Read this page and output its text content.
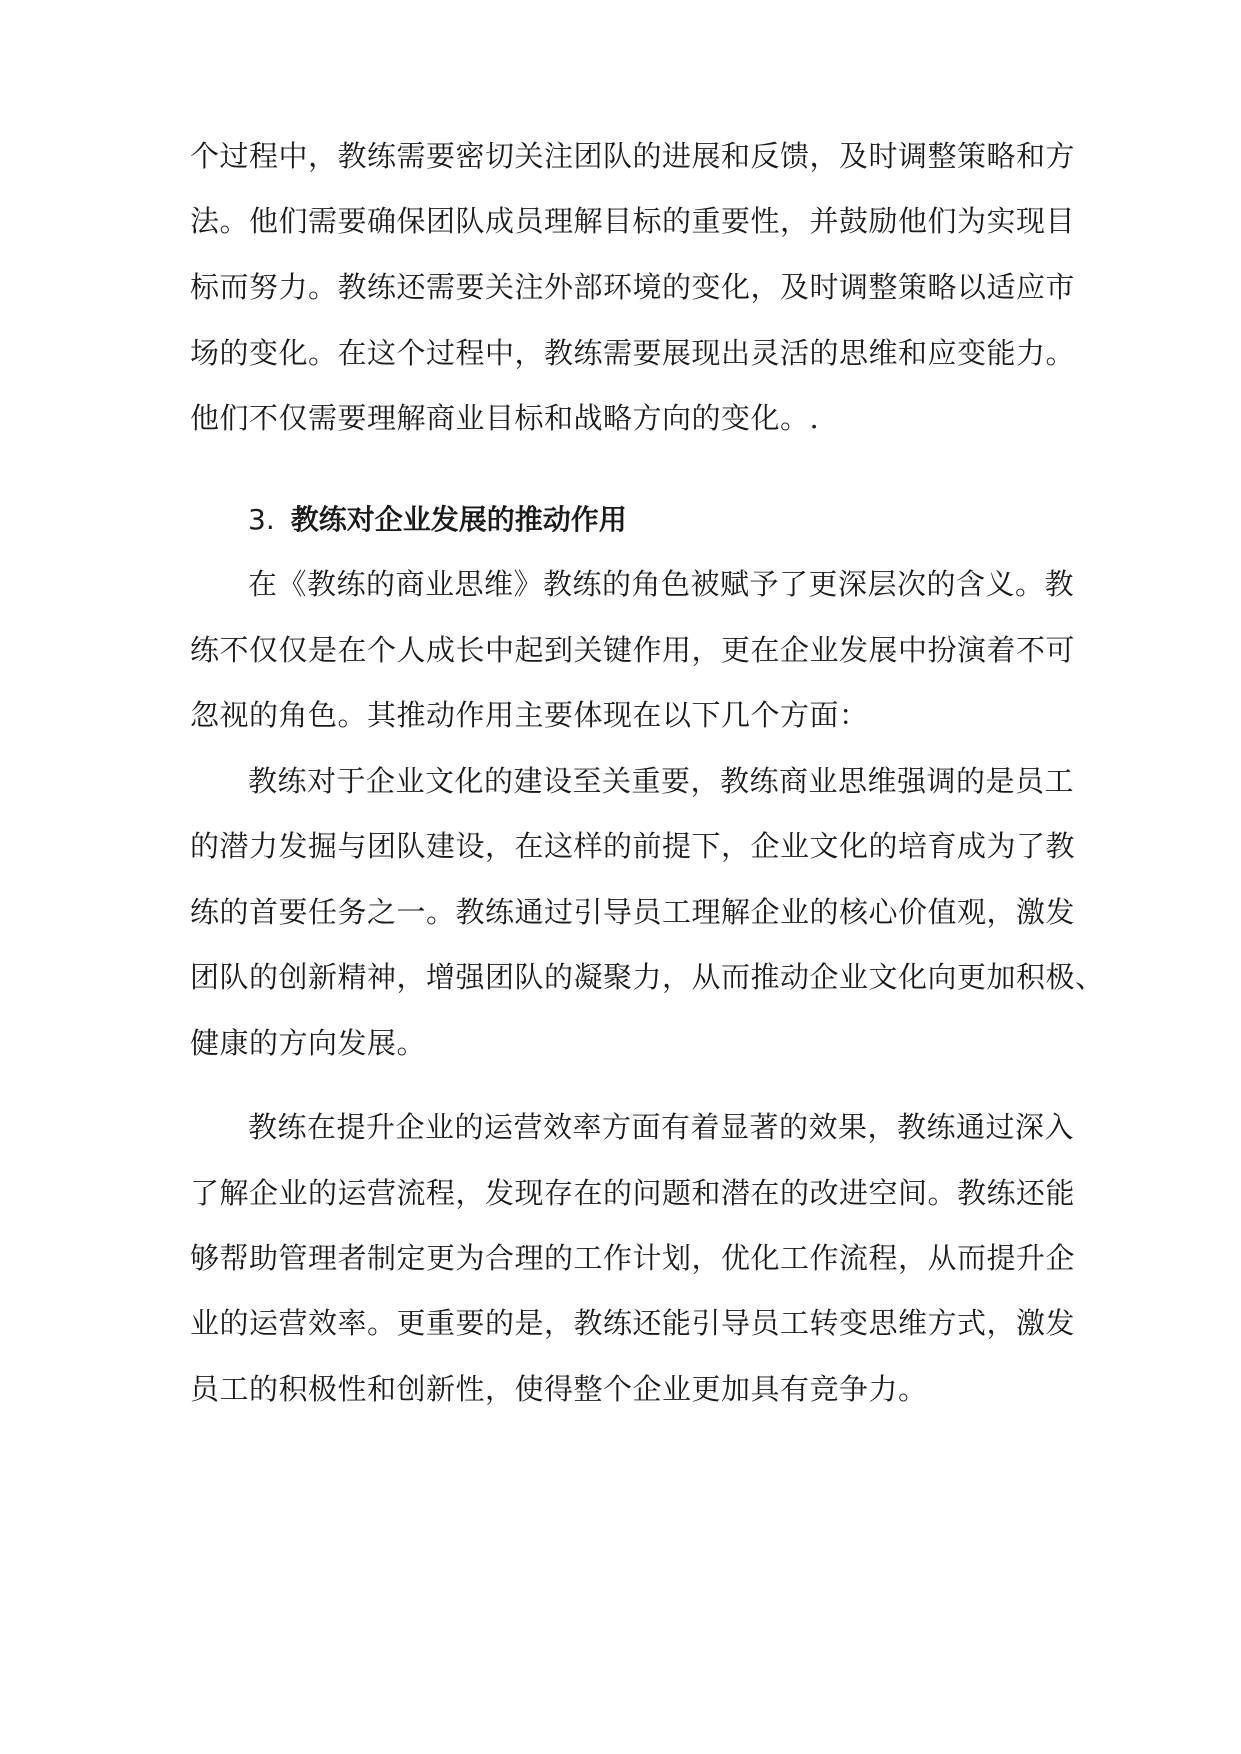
个过程中，教练需要密切关注团队的进展和反馈，及时调整策略和方
法。他们需要确保团队成员理解目标的重要性，并鼓励他们为实现目
标而努力。教练还需要关注外部环境的变化，及时调整策略以适应市
场的变化。在这个过程中，教练需要展现出灵活的思维和应变能力。
他们不仅需要理解商业目标和战略方向的变化。.
3. 教练对企业发展的推动作用
在《教练的商业思维》教练的角色被赋予了更深层次的含义。教
练不仅仅是在个人成长中起到关键作用，更在企业发展中扮演着不可
忽视的角色。其推动作用主要体现在以下几个方面：
教练对于企业文化的建设至关重要，教练商业思维强调的是员工
的潜力发掘与团队建设，在这样的前提下，企业文化的培育成为了教
练的首要任务之一。教练通过引导员工理解企业的核心价值观，激发
团队的创新精神，增强团队的凝聚力，从而推动企业文化向更加积极、
健康的方向发展。
教练在提升企业的运营效率方面有着显著的效果，教练通过深入
了解企业的运营流程，发现存在的问题和潜在的改进空间。教练还能
够帮助管理者制定更为合理的工作计划，优化工作流程，从而提升企
业的运营效率。更重要的是，教练还能引导员工转变思维方式，激发
员工的积极性和创新性，使得整个企业更加具有竞争力。
